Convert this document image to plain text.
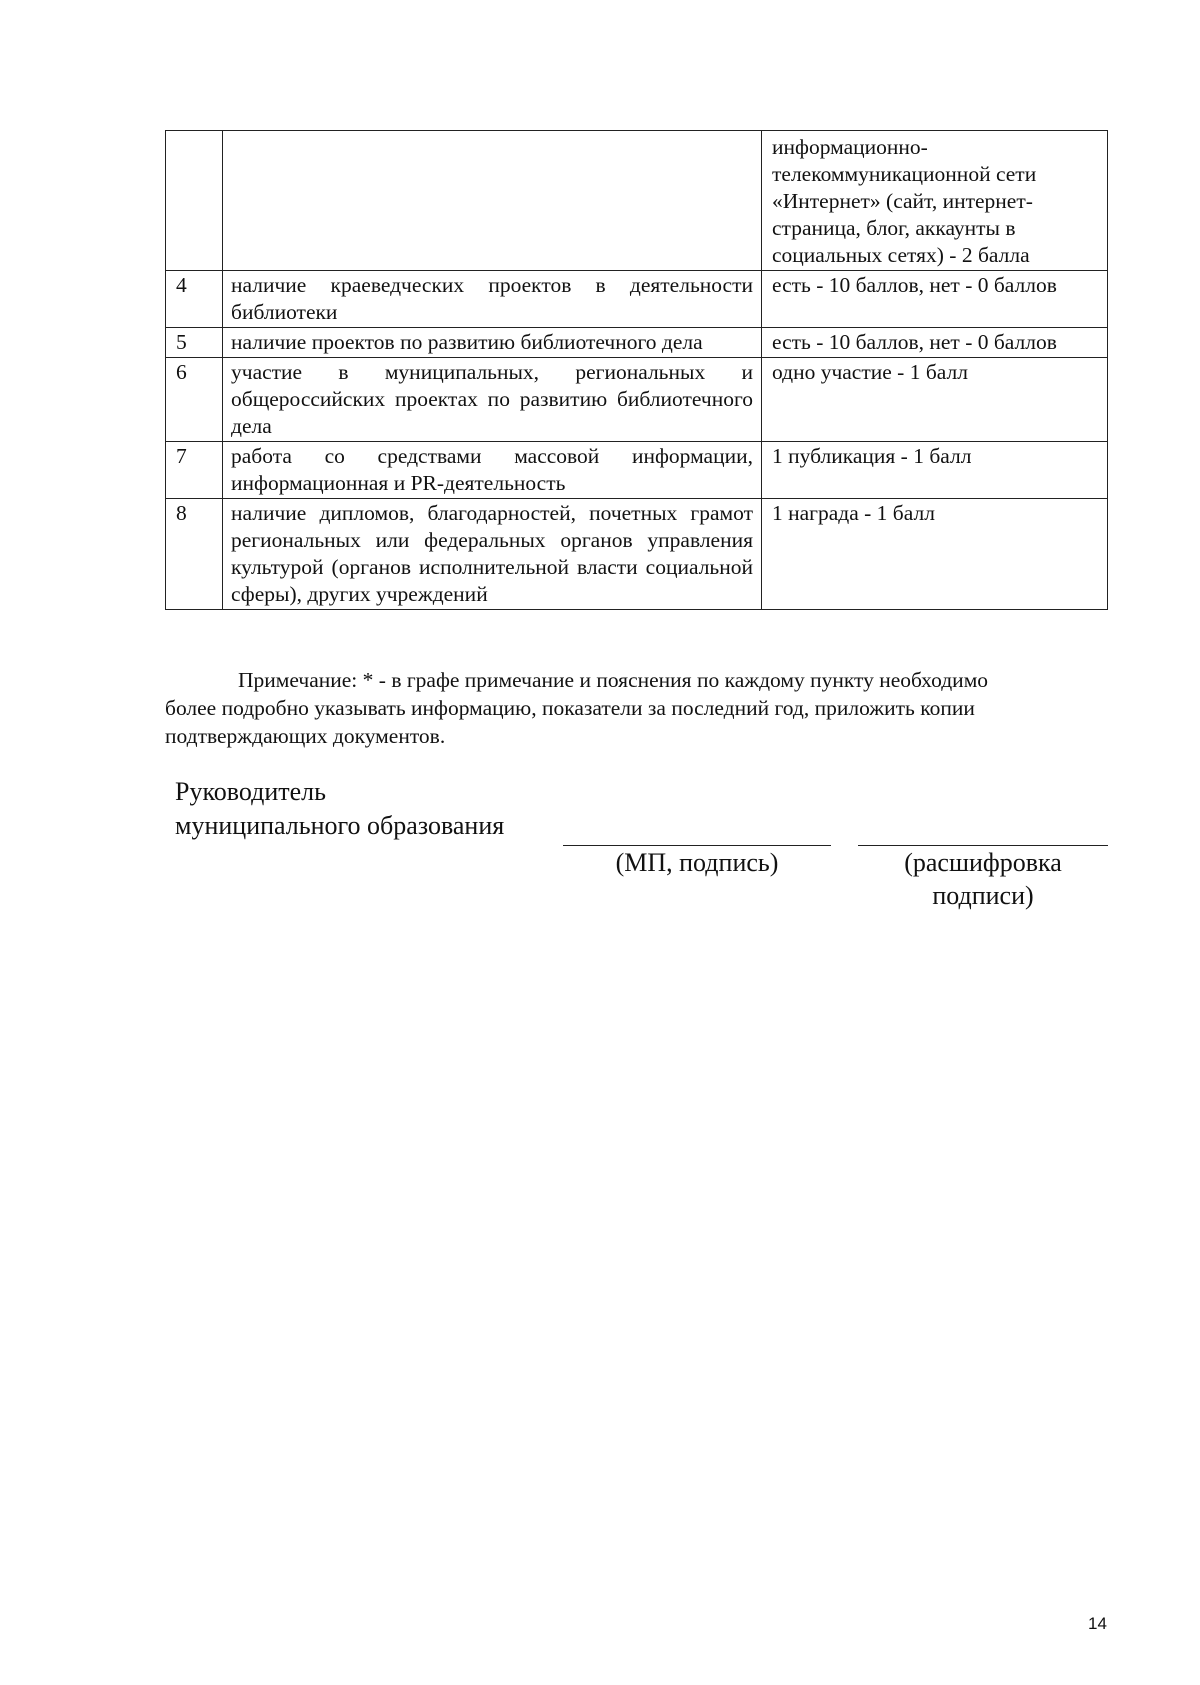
		информационно-
телекоммуникационной сети
«Интернет» (сайт, интернет-
страница, блог, аккаунты в
социальных сетях) - 2 балла

4	наличие краеведческих проектов в деятельности библиотеки	есть - 10 баллов, нет - 0 баллов
5	наличие проектов по развитию библиотечного дела	есть - 10 баллов, нет - 0 баллов
6	участие в муниципальных, региональных и общероссийских проектах по развитию библиотечного дела	одно участие - 1 балл
7	работа со средствами массовой информации, информационная и PR-деятельность	1 публикация - 1 балл
8	наличие дипломов, благодарностей, почетных грамот региональных или федеральных органов управления культурой (органов исполнительной власти социальной сферы), других учреждений	1 награда - 1 балл
Примечание: * - в графе примечание и пояснения по каждому пункту необходимо
более подробно указывать информацию, показатели за последний год, приложить копии
подтверждающих документов.
Руководитель
муниципального образования
(МП, подпись)	(расшифровка
подписи)
14
